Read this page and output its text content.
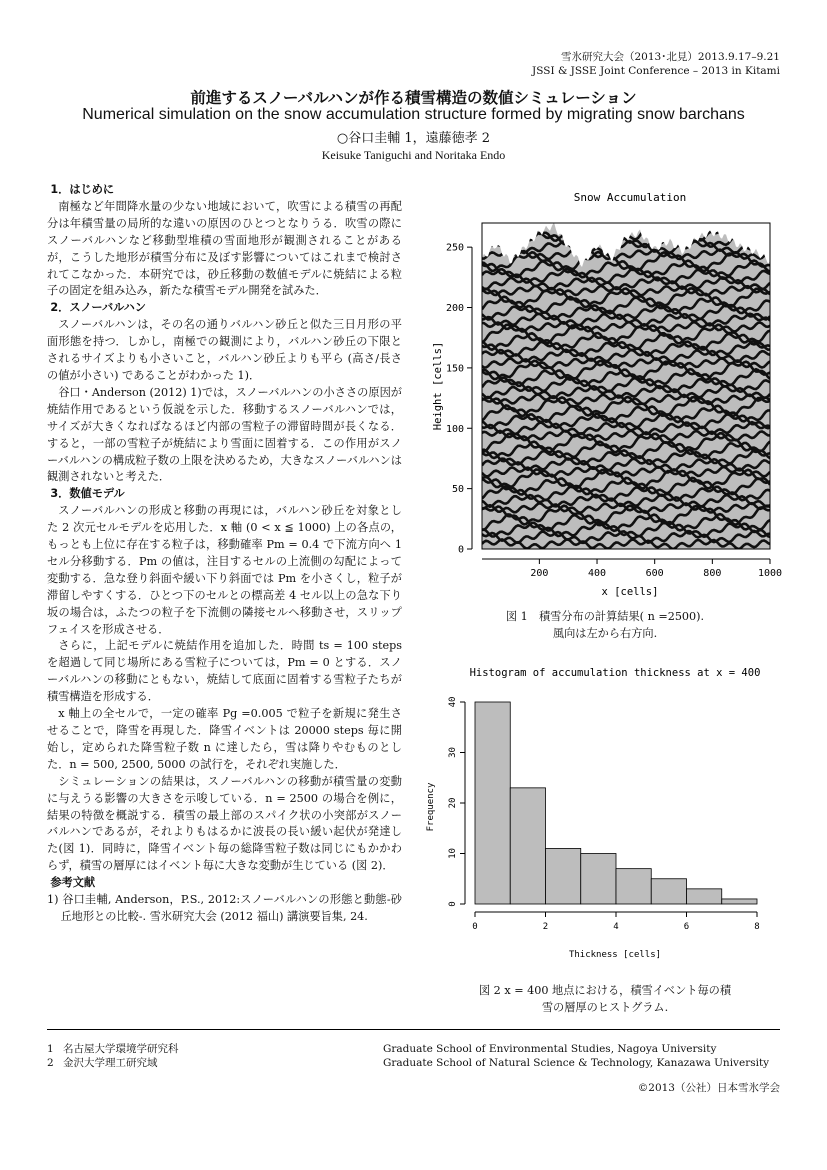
雪氷研究大会（2013･北見）2013.9.17–9.21
JSSI & JSSE Joint Conference – 2013 in Kitami
前進するスノーバルハンが作る積雪構造の数値シミュレーション
Numerical simulation on the snow accumulation structure formed by migrating snow barchans
○谷口圭輔 1，遠藤徳孝 2
Keisuke Taniguchi and Noritaka Endo
1．はじめに

南極など年間降水量の少ない地域において，吹雪による積雪の再配分は年積雪量の局所的な違いの原因のひとつとなりうる．吹雪の際にスノーバルハンなど移動型堆積の雪面地形が観測されることがあるが，こうした地形が積雪分布に及ぼす影響についてはこれまで検討されてこなかった．本研究では，砂丘移動の数値モデルに焼結による粒子の固定を組み込み，新たな積雪モデル開発を試みた．

2．スノーバルハン

スノーバルハンは，その名の通りバルハン砂丘と似た三日月形の平面形態を持つ．しかし，南極での観測により，バルハン砂丘の下限とされるサイズよりも小さいこと，バルハン砂丘よりも平ら (高さ/長さ の値が小さい) であることがわかった 1)．

谷口・Anderson (2012) 1)では，スノーバルハンの小ささの原因が焼結作用であるという仮説を示した．移動するスノーバルハンでは，サイズが大きくなればなるほど内部の雪粒子の滞留時間が長くなる．すると，一部の雪粒子が焼結により雪面に固着する．この作用がスノーバルハンの構成粒子数の上限を決めるため，大きなスノーバルハンは観測されないと考えた．

3．数値モデル

スノーバルハンの形成と移動の再現には，バルハン砂丘を対象とした 2 次元セルモデルを応用した．x 軸 (0 < x ≦ 1000) 上の各点の，もっとも上位に存在する粒子は，移動確率 Pm = 0.4 で下流方向へ 1 セル分移動する．Pm の値は，注目するセルの上流側の勾配によって変動する．急な登り斜面や緩い下り斜面では Pm を小さくし，粒子が滞留しやすくする．ひとつ下のセルとの標高差 4 セル以上の急な下り坂の場合は，ふたつの粒子を下流側の隣接セルへ移動させ，スリップフェイスを形成させる．

さらに，上記モデルに焼結作用を追加した．時間 ts = 100 steps を超過して同じ場所にある雪粒子については，Pm = 0 とする．スノーバルハンの移動にともない，焼結して底面に固着する雪粒子たちが積雪構造を形成する．

x 軸上の全セルで，一定の確率 Pg =0.005 で粒子を新規に発生させることで，降雪を再現した．降雪イベントは 20000 steps 毎に開始し，定められた降雪粒子数 n に達したら，雪は降りやむものとした．n = 500, 2500, 5000 の試行を，それぞれ実施した．

シミュレーションの結果は，スノーバルハンの移動が積雪量の変動に与えうる影響の大きさを示唆している．n = 2500 の場合を例に，結果の特徴を概説する．積雪の最上部のスパイク状の小突部がスノーバルハンであるが，それよりもはるかに波長の長い緩い起伏が発達した(図 1)．同時に，降雪イベント毎の総降雪粒子数は同じにもかかわらず，積雪の層厚にはイベント毎に大きな変動が生じている (図 2)．

参考文献

1) 谷口圭輔, Anderson，P.S., 2012:スノーバルハンの形態と動態-砂丘地形との比較-. 雪氷研究大会 (2012 福山) 講演要旨集, 24.

Snow Accumulation
200	400	600	800	1000
0
50
100
150
200
250
x [cells]
Height [cells]
図 1　積雪分布の計算結果( n =2500).
風向は左から右方向.
Histogram of accumulation thickness at x = 400
0	2	4	6	8
0
10
20
30
40
Thickness [cells]
Frequency
図 2 x = 400 地点における，積雪イベント毎の積
雪の層厚のヒストグラム.
1 名古屋大学環境学研究科	Graduate School of Environmental Studies, Nagoya University
2 金沢大学理工研究域	Graduate School of Natural Science & Technology, Kanazawa University
©2013（公社）日本雪氷学会
